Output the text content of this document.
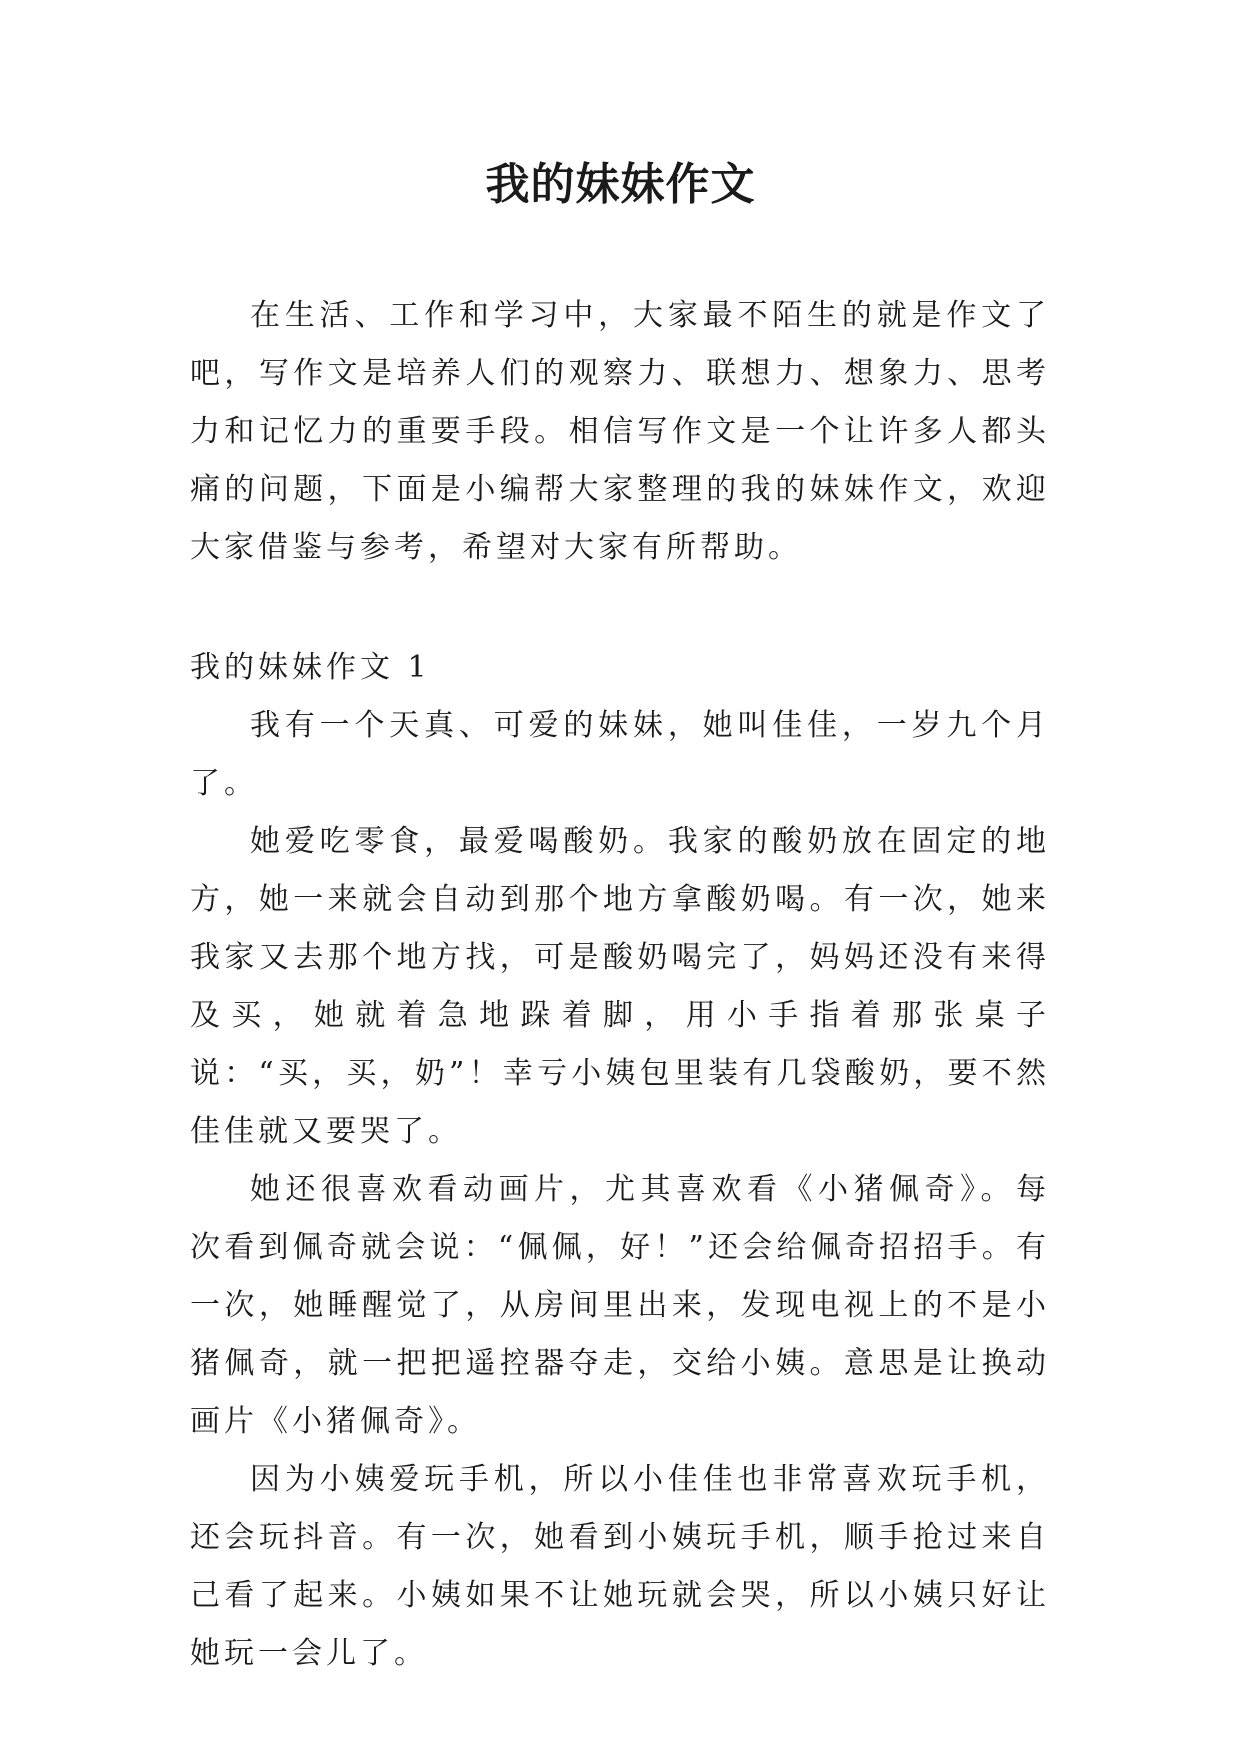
我的妹妹作文

在生活、工作和学习中，大家最不陌生的就是作文了吧，写作文是培养人们的观察力、联想力、想象力、思考力和记忆力的重要手段。相信写作文是一个让许多人都头痛的问题，下面是小编帮大家整理的我的妹妹作文，欢迎大家借鉴与参考，希望对大家有所帮助。

我的妹妹作文 1

我有一个天真、可爱的妹妹，她叫佳佳，一岁九个月了。

她爱吃零食，最爱喝酸奶。我家的酸奶放在固定的地方，她一来就会自动到那个地方拿酸奶喝。有一次，她来我家又去那个地方找，可是酸奶喝完了，妈妈还没有来得及买，她就着急地跺着脚，用小手指着那张桌子说：“买，买，奶”！幸亏小姨包里装有几袋酸奶，要不然佳佳就又要哭了。

她还很喜欢看动画片，尤其喜欢看《小猪佩奇》。每次看到佩奇就会说：“佩佩，好！”还会给佩奇招招手。有一次，她睡醒觉了，从房间里出来，发现电视上的不是小猪佩奇，就一把把遥控器夺走，交给小姨。意思是让换动画片《小猪佩奇》。

因为小姨爱玩手机，所以小佳佳也非常喜欢玩手机，还会玩抖音。有一次，她看到小姨玩手机，顺手抢过来自己看了起来。小姨如果不让她玩就会哭，所以小姨只好让她玩一会儿了。
